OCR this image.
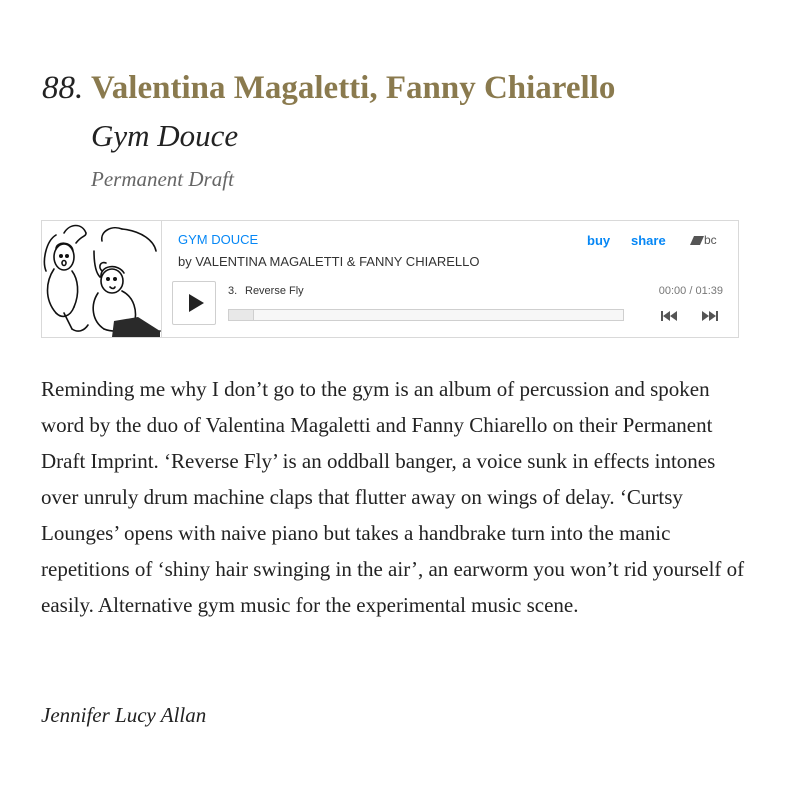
88. Valentina Magaletti, Fanny Chiarello
Gym Douce
Permanent Draft
GYM DOUCE
by VALENTINA MAGALETTI & FANNY CHIARELLO
buy share	bc
3. Reverse Fly	00:00 / 01:39

Reminding me why I don’t go to the gym is an album of percussion and spoken word by the duo of Valentina Magaletti and Fanny Chiarello on their Permanent Draft Imprint. ‘Reverse Fly’ is an oddball banger, a voice sunk in effects intones over unruly drum machine claps that flutter away on wings of delay. ‘Curtsy Lounges’ opens with naive piano but takes a handbrake turn into the manic repetitions of ‘shiny hair swinging in the air’, an earworm you won’t rid yourself of easily. Alternative gym music for the experimental music scene.

Jennifer Lucy Allan
